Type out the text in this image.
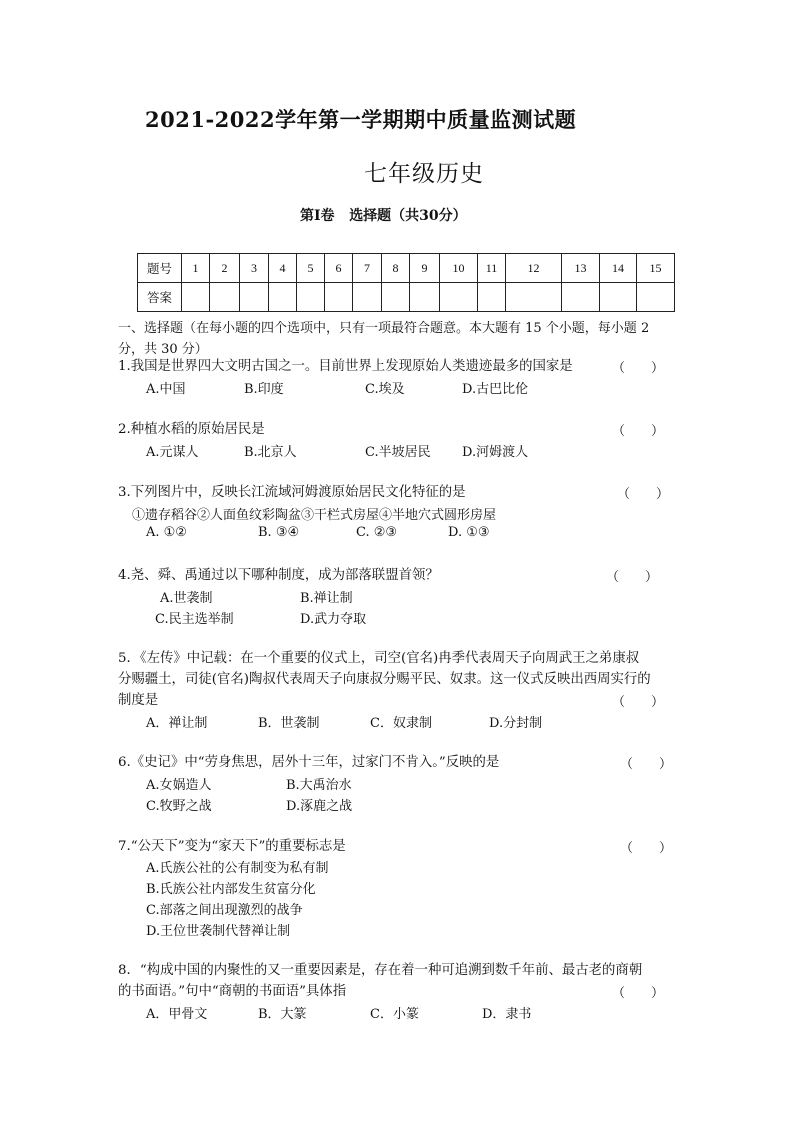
2021-2022学年第一学期期中质量监测试题
七年级历史
第Ⅰ卷 选择题（共30分）
题号	1	2	3	4	5	6	7	8	9	10	11	12	13	14	15
答案															
一、选择题（在每小题的四个选项中，只有一项最符合题意。本大题有 15 个小题，每小题 2 分，共 30 分）
1.我国是世界四大文明古国之一。目前世界上发现原始人类遗迹最多的国家是	（　　）
A.中国	B.印度	C.埃及	D.古巴比伦
2.种植水稻的原始居民是	（　　）
A.元谋人	B.北京人	C.半坡居民 D.河姆渡人
3.下列图片中，反映长江流域河姆渡原始居民文化特征的是	（　　）
①遗存稻谷②人面鱼纹彩陶盆③干栏式房屋④半地穴式圆形房屋
A. ①②	B. ③④	C. ②③	D. ①③
4.尧、舜、禹通过以下哪种制度，成为部落联盟首领？	（　　）
A.世袭制	B.禅让制
C.民主选举制	D.武力夺取
5．《左传》中记载：在一个重要的仪式上，司空(官名)冉季代表周天子向周武王之弟康叔
分赐疆土，司徒(官名)陶叔代表周天子向康叔分赐平民、奴隶。这一仪式反映出西周实行的
制度是	（　　）
A．禅让制	B．世袭制	C．奴隶制	D.分封制
6.《史记》中“劳身焦思，居外十三年，过家门不肯入。”反映的是	（　　）
A.女娲造人	B.大禹治水
C.牧野之战	D.涿鹿之战
7.“公天下”变为“家天下”的重要标志是	（　　）
A.氏族公社的公有制变为私有制
B.氏族公社内部发生贫富分化
C.部落之间出现激烈的战争
D.王位世袭制代替禅让制
8．“构成中国的内聚性的又一重要因素是，存在着一种可追溯到数千年前、最古老的商朝
的书面语。”句中“商朝的书面语”具体指	（　　）
A．甲骨文	B．大篆	C．小篆	D．隶书
